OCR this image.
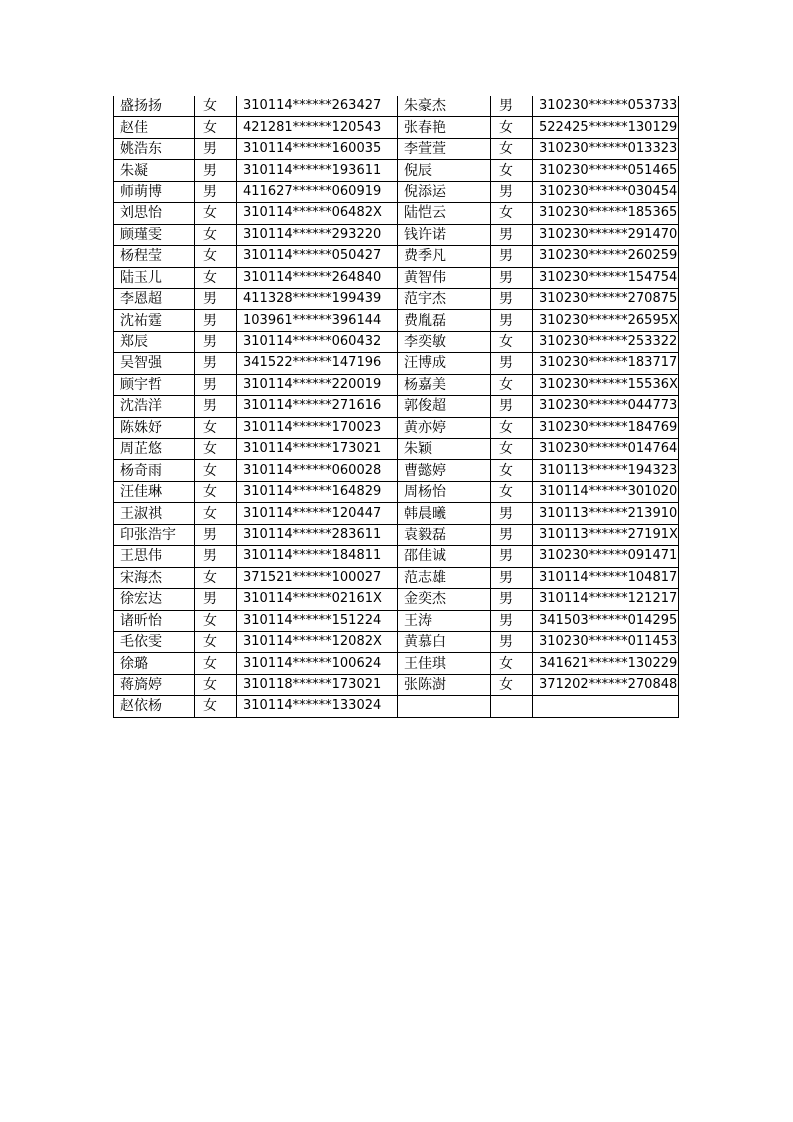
盛扬扬	女	310114******263427	朱豪杰	男	310230******053733
赵佳	女	421281******120543	张春艳	女	522425******130129
姚浩东	男	310114******160035	李萱萱	女	310230******013323
朱凝	男	310114******193611	倪辰	女	310230******051465
师萌博	男	411627******060919	倪添运	男	310230******030454
刘思怡	女	310114******06482X	陆恺云	女	310230******185365
顾瑾雯	女	310114******293220	钱许诺	男	310230******291470
杨程莹	女	310114******050427	费季凡	男	310230******260259
陆玉儿	女	310114******264840	黄智伟	男	310230******154754
李恩超	男	411328******199439	范宇杰	男	310230******270875
沈祐霆	男	103961******396144	费胤磊	男	310230******26595X
郑辰	男	310114******060432	李奕敏	女	310230******253322
吴智强	男	341522******147196	汪博成	男	310230******183717
顾宇哲	男	310114******220019	杨嘉美	女	310230******15536X
沈浩洋	男	310114******271616	郭俊超	男	310230******044773
陈姝妤	女	310114******170023	黄亦婷	女	310230******184769
周芷悠	女	310114******173021	朱颖	女	310230******014764
杨奇雨	女	310114******060028	曹懿婷	女	310113******194323
汪佳琳	女	310114******164829	周杨怡	女	310114******301020
王淑祺	女	310114******120447	韩晨曦	男	310113******213910
印张浩宇	男	310114******283611	袁毅磊	男	310113******27191X
王思伟	男	310114******184811	邵佳诚	男	310230******091471
宋海杰	女	371521******100027	范志雄	男	310114******104817
徐宏达	男	310114******02161X	金奕杰	男	310114******121217
诸昕怡	女	310114******151224	王涛	男	341503******014295
毛依雯	女	310114******12082X	黄慕白	男	310230******011453
徐璐	女	310114******100624	王佳琪	女	341621******130229
蒋旖婷	女	310118******173021	张陈澍	女	371202******270848
赵依杨	女	310114******133024			
